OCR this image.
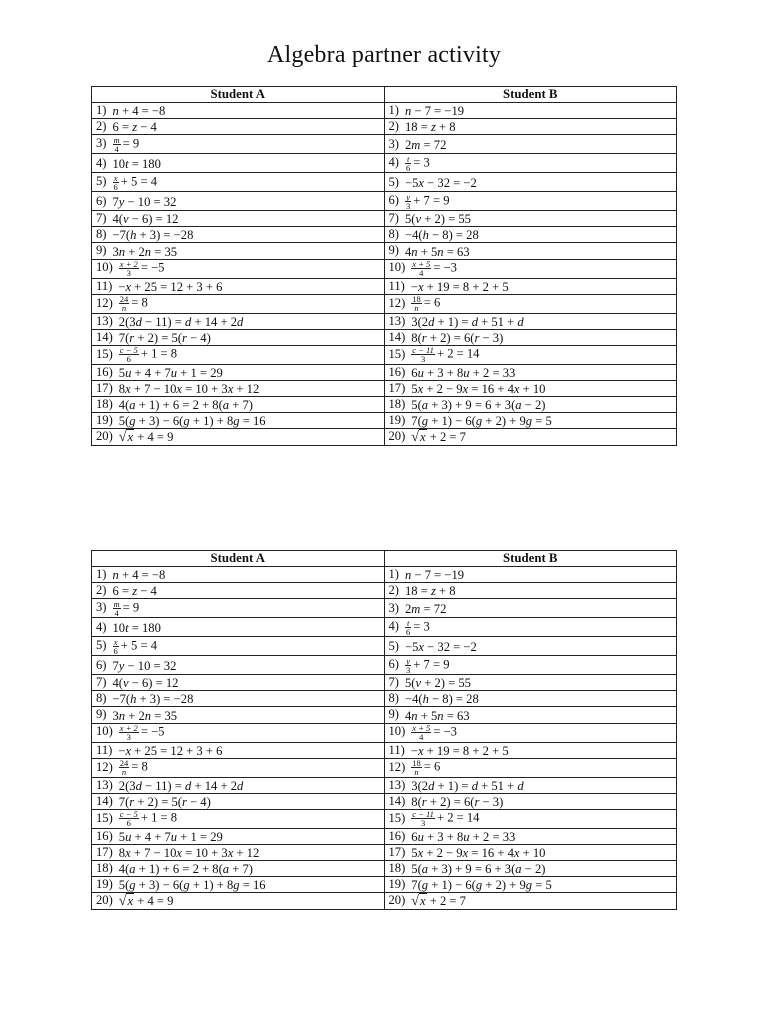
Algebra partner activity
Student A	Student B
1) n + 4 = −8	1) n − 7 = −19
2) 6 = z − 4	2) 18 = z + 8
$3) \frac{m}{4} = 9$	3) 2m = 72
4) 10t = 180	$4) \frac{t}{6} = 3$
$5) \frac{x}{6} + 5 = 4$	5) −5x − 32 = −2
6) 7y − 10 = 32	$6) \frac{y}{3} + 7 = 9$
7) 4(v − 6) = 12	7) 5(v + 2) = 55
8) −7(h + 3) = −28	8) −4(h − 8) = 28
9) 3n + 2n = 35	9) 4n + 5n = 63
$10) \frac{x + 2}{3} = -5$	$10) \frac{x + 5}{4} = -3$
11) −x + 25 = 12 + 3 + 6	11) −x + 19 = 8 + 2 + 5
$12) \frac{24}{n} = 8$	$12) \frac{18}{n} = 6$
13) 2(3d − 11) = d + 14 + 2d	13) 3(2d + 1) = d + 51 + d
14) 7(r + 2) = 5(r − 4)	14) 8(r + 2) = 6(r − 3)
$15) \frac{c - 5}{6} + 1 = 8$	$15) \frac{c - 11}{3} + 2 = 14$
16) 5u + 4 + 7u + 1 = 29	16) 6u + 3 + 8u + 2 = 33
17) 8x + 7 − 10x = 10 + 3x + 12	17) 5x + 2 − 9x = 16 + 4x + 10
18) 4(a + 1) + 6 = 2 + 8(a + 7)	18) 5(a + 3) + 9 = 6 + 3(a − 2)
19) 5(g + 3) − 6(g + 1) + 8g = 16	19) 7(g + 1) − 6(g + 2) + 9g = 5
20) √x + 4 = 9	20) √x + 2 = 7
Student A	Student B
1) n + 4 = −8	1) n − 7 = −19
2) 6 = z − 4	2) 18 = z + 8
$3) \frac{m}{4} = 9$	3) 2m = 72
4) 10t = 180	$4) \frac{t}{6} = 3$
$5) \frac{x}{6} + 5 = 4$	5) −5x − 32 = −2
6) 7y − 10 = 32	$6) \frac{y}{3} + 7 = 9$
7) 4(v − 6) = 12	7) 5(v + 2) = 55
8) −7(h + 3) = −28	8) −4(h − 8) = 28
9) 3n + 2n = 35	9) 4n + 5n = 63
$10) \frac{x + 2}{3} = -5$	$10) \frac{x + 5}{4} = -3$
11) −x + 25 = 12 + 3 + 6	11) −x + 19 = 8 + 2 + 5
$12) \frac{24}{n} = 8$	$12) \frac{18}{n} = 6$
13) 2(3d − 11) = d + 14 + 2d	13) 3(2d + 1) = d + 51 + d
14) 7(r + 2) = 5(r − 4)	14) 8(r + 2) = 6(r − 3)
$15) \frac{c - 5}{6} + 1 = 8$	$15) \frac{c - 11}{3} + 2 = 14$
16) 5u + 4 + 7u + 1 = 29	16) 6u + 3 + 8u + 2 = 33
17) 8x + 7 − 10x = 10 + 3x + 12	17) 5x + 2 − 9x = 16 + 4x + 10
18) 4(a + 1) + 6 = 2 + 8(a + 7)	18) 5(a + 3) + 9 = 6 + 3(a − 2)
19) 5(g + 3) − 6(g + 1) + 8g = 16	19) 7(g + 1) − 6(g + 2) + 9g = 5
20) √x + 4 = 9	20) √x + 2 = 7
